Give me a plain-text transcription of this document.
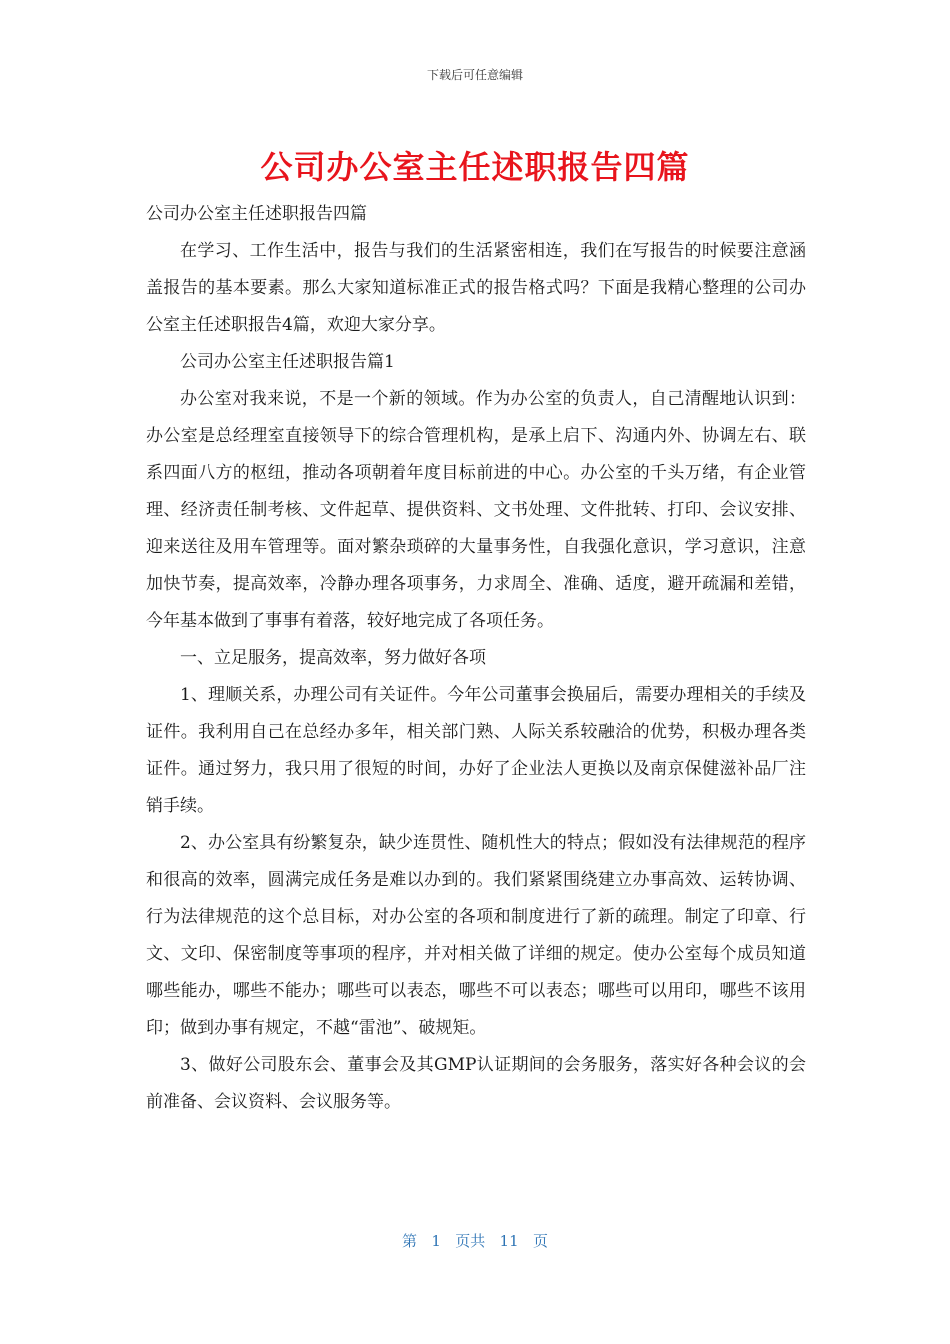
下载后可任意编辑
公司办公室主任述职报告四篇

公司办公室主任述职报告四篇

在学习、工作生活中，报告与我们的生活紧密相连，我们在写报告的时候要注意涵盖报告的基本要素。那么大家知道标准正式的报告格式吗？下面是我精心整理的公司办公室主任述职报告4篇，欢迎大家分享。

公司办公室主任述职报告篇1

办公室对我来说，不是一个新的领域。作为办公室的负责人，自己清醒地认识到：办公室是总经理室直接领导下的综合管理机构，是承上启下、沟通内外、协调左右、联系四面八方的枢纽，推动各项朝着年度目标前进的中心。办公室的千头万绪，有企业管理、经济责任制考核、文件起草、提供资料、文书处理、文件批转、打印、会议安排、迎来送往及用车管理等。面对繁杂琐碎的大量事务性，自我强化意识，学习意识，注意加快节奏，提高效率，冷静办理各项事务，力求周全、准确、适度，避开疏漏和差错，今年基本做到了事事有着落，较好地完成了各项任务。

一、立足服务，提高效率，努力做好各项

1、理顺关系，办理公司有关证件。今年公司董事会换届后，需要办理相关的手续及证件。我利用自己在总经办多年，相关部门熟、人际关系较融洽的优势，积极办理各类证件。通过努力，我只用了很短的时间，办好了企业法人更换以及南京保健滋补品厂注销手续。

2、办公室具有纷繁复杂，缺少连贯性、随机性大的特点；假如没有法律规范的程序和很高的效率，圆满完成任务是难以办到的。我们紧紧围绕建立办事高效、运转协调、行为法律规范的这个总目标，对办公室的各项和制度进行了新的疏理。制定了印章、行文、文印、保密制度等事项的程序，并对相关做了详细的规定。使办公室每个成员知道哪些能办，哪些不能办；哪些可以表态，哪些不可以表态；哪些可以用印，哪些不该用印；做到办事有规定，不越“雷池”、破规矩。

3、做好公司股东会、董事会及其GMP认证期间的会务服务，落实好各种会议的会前准备、会议资料、会议服务等。

第 1 页共 11 页
